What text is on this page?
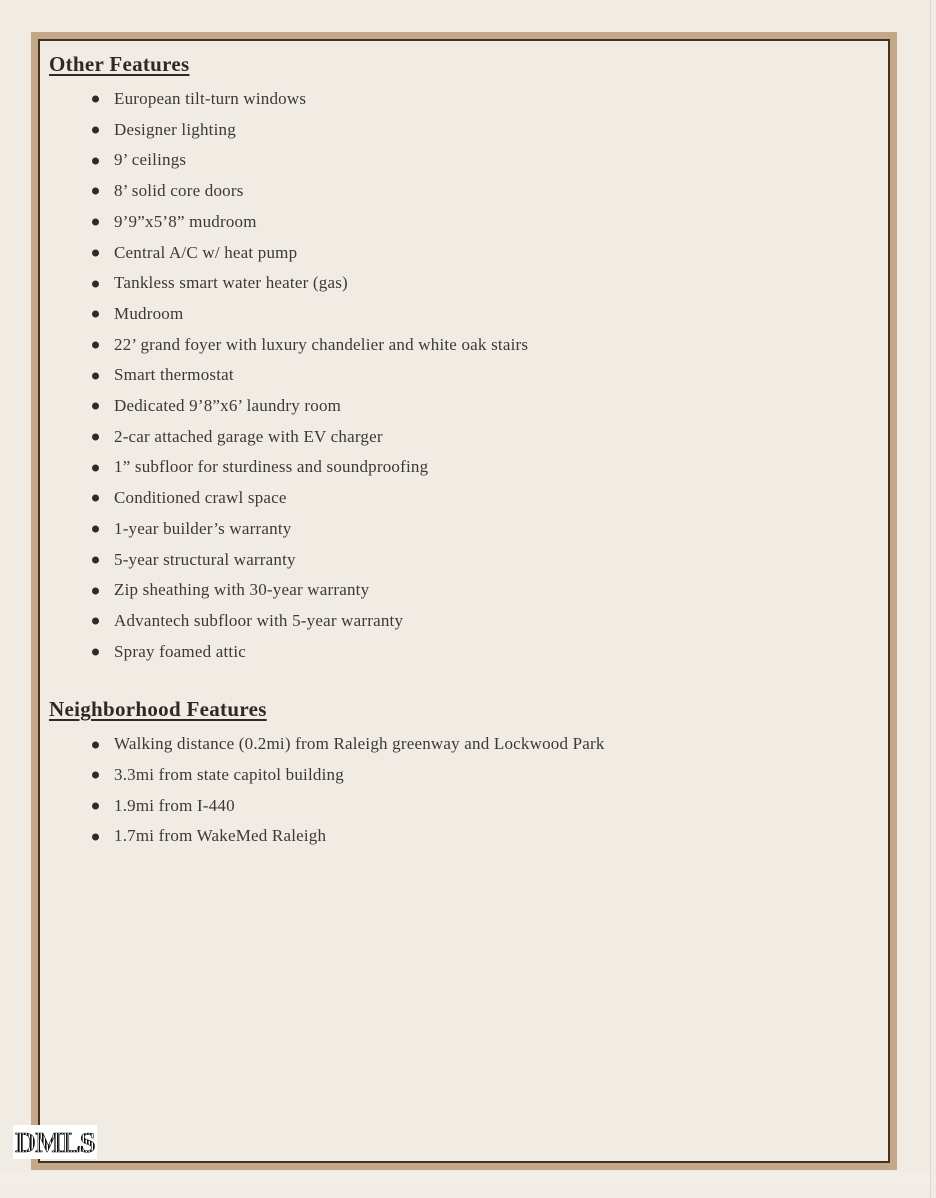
Other Features
European tilt-turn windows
Designer lighting
9’ ceilings
8’ solid core doors
9’9”x5’8” mudroom
Central A/C w/ heat pump
Tankless smart water heater (gas)
Mudroom
22’ grand foyer with luxury chandelier and white oak stairs
Smart thermostat
Dedicated 9’8”x6’ laundry room
2-car attached garage with EV charger
1” subfloor for sturdiness and soundproofing
Conditioned crawl space
1-year builder’s warranty
5-year structural warranty
Zip sheathing with 30-year warranty
Advantech subfloor with 5-year warranty
Spray foamed attic
Neighborhood Features
Walking distance (0.2mi) from Raleigh greenway and Lockwood Park
3.3mi from state capitol building
1.9mi from I-440
1.7mi from WakeMed Raleigh
DMLS
